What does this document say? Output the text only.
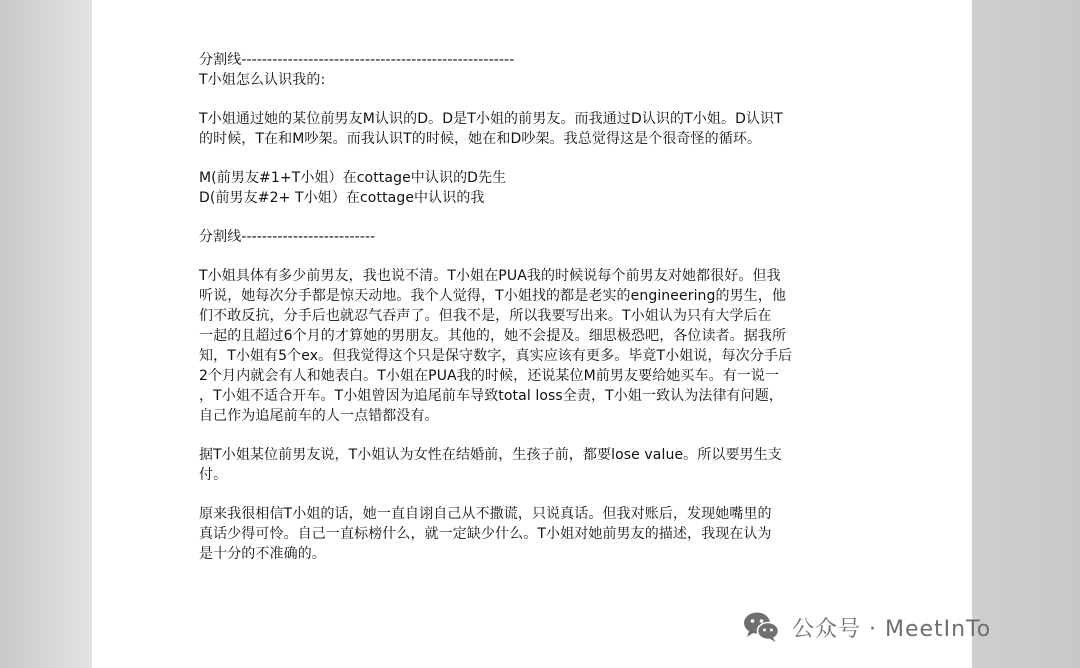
分割线-----------------------------------------------------
T小姐怎么认识我的:
T小姐通过她的某位前男友M认识的D。D是T小姐的前男友。而我通过D认识的T小姐。D认识T
的时候，T在和M吵架。而我认识T的时候，她在和D吵架。我总觉得这是个很奇怪的循环。
M(前男友#1+T小姐）在cottage中认识的D先生
D(前男友#2+ T小姐）在cottage中认识的我
分割线--------------------------
T小姐具体有多少前男友，我也说不清。T小姐在PUA我的时候说每个前男友对她都很好。但我
听说，她每次分手都是惊天动地。我个人觉得，T小姐找的都是老实的engineering的男生，他
们不敢反抗，分手后也就忍气吞声了。但我不是，所以我要写出来。T小姐认为只有大学后在
一起的且超过6个月的才算她的男朋友。其他的，她不会提及。细思极恐吧，各位读者。据我所
知，T小姐有5个ex。但我觉得这个只是保守数字，真实应该有更多。毕竟T小姐说，每次分手后
2个月内就会有人和她表白。T小姐在PUA我的时候，还说某位M前男友要给她买车。有一说一
，T小姐不适合开车。T小姐曾因为追尾前车导致total loss全责，T小姐一致认为法律有问题，
自己作为追尾前车的人一点错都没有。
据T小姐某位前男友说，T小姐认为女性在结婚前，生孩子前，都要lose value。所以要男生支
付。
原来我很相信T小姐的话，她一直自诩自己从不撒谎，只说真话。但我对账后，发现她嘴里的
真话少得可怜。自己一直标榜什么，就一定缺少什么。T小姐对她前男友的描述，我现在认为
是十分的不准确的。
公众号 · MeetInTo
